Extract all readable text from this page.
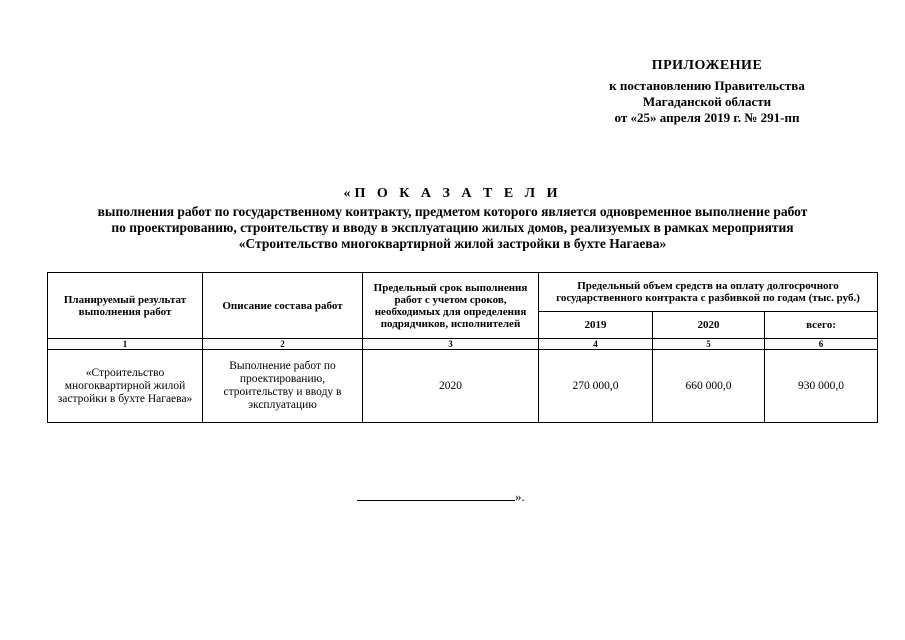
ПРИЛОЖЕНИЕ
к постановлению Правительства
Магаданской области
от «25» апреля 2019 г. № 291-пп
«П О К А З А Т Е Л И
выполнения работ по государственному контракту, предметом которого является одновременное выполнение работ
по проектированию, строительству и вводу в эксплуатацию жилых домов, реализуемых в рамках мероприятия
«Строительство многоквартирной жилой застройки в бухте Нагаева»
Планируемый результат выполнения работ	Описание состава работ	Предельный срок выполнения работ с учетом сроков, необходимых для определения подрядчиков, исполнителей	Предельный объем средств на оплату долгосрочного государственного контракта с разбивкой по годам (тыс. руб.)		
			2019	2020	всего:
1	2	3	4	5	6
«Строительство многоквартирной жилой застройки в бухте Нагаева»	Выполнение работ по проектированию, строительству и вводу в эксплуатацию	2020	270 000,0	660 000,0	930 000,0
».
